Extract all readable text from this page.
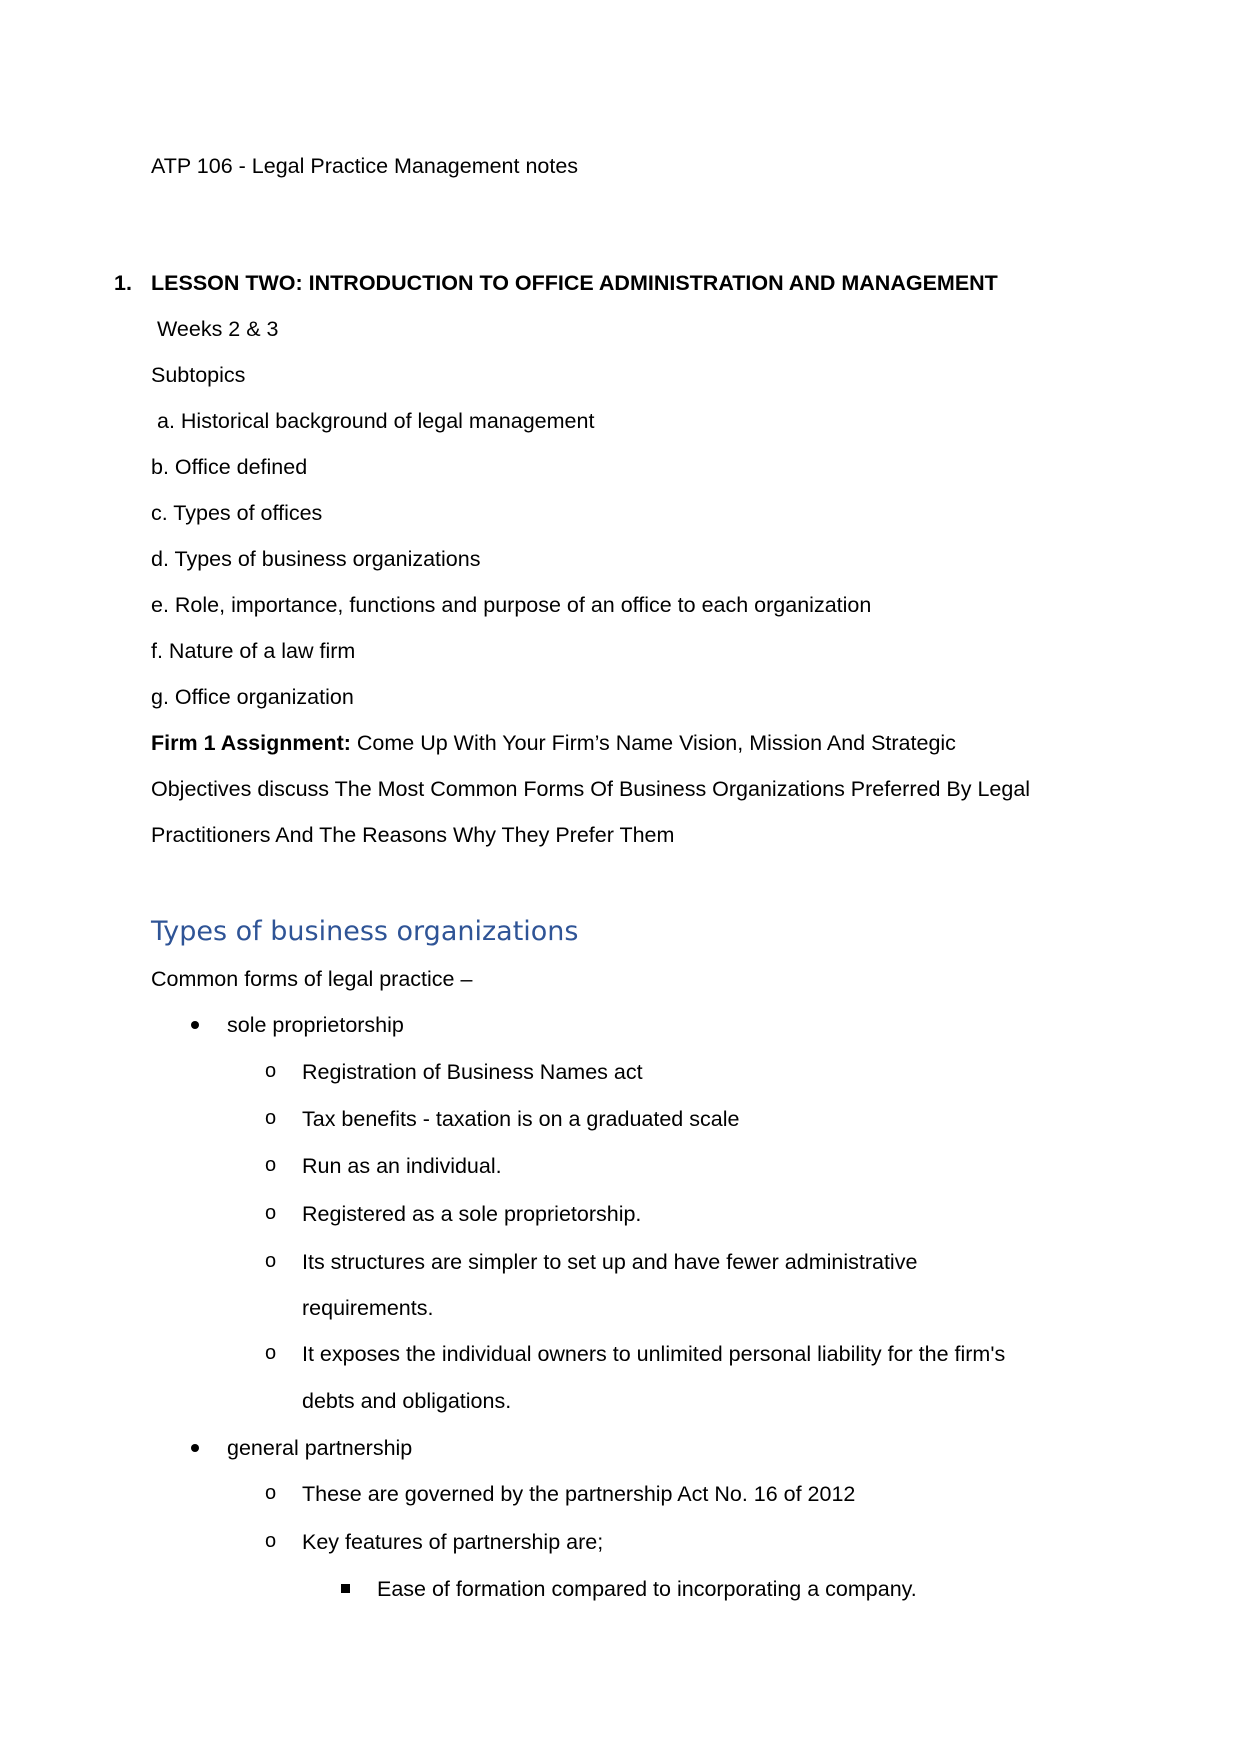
ATP 106 - Legal Practice Management notes

1. LESSON TWO: INTRODUCTION TO OFFICE ADMINISTRATION AND MANAGEMENT

Weeks 2 & 3

Subtopics

a. Historical background of legal management

b. Office defined

c. Types of offices

d. Types of business organizations

e. Role, importance, functions and purpose of an office to each organization

f. Nature of a law firm

g. Office organization

Firm 1 Assignment: Come Up With Your Firm’s Name Vision, Mission And Strategic

Objectives discuss The Most Common Forms Of Business Organizations Preferred By Legal

Practitioners And The Reasons Why They Prefer Them

Types of business organizations

Common forms of legal practice –

sole proprietorship

o Registration of Business Names act

o Tax benefits - taxation is on a graduated scale

o Run as an individual.

o Registered as a sole proprietorship.

o Its structures are simpler to set up and have fewer administrative

requirements.

o It exposes the individual owners to unlimited personal liability for the firm's

debts and obligations.

general partnership

o These are governed by the partnership Act No. 16 of 2012

o Key features of partnership are;

Ease of formation compared to incorporating a company.
